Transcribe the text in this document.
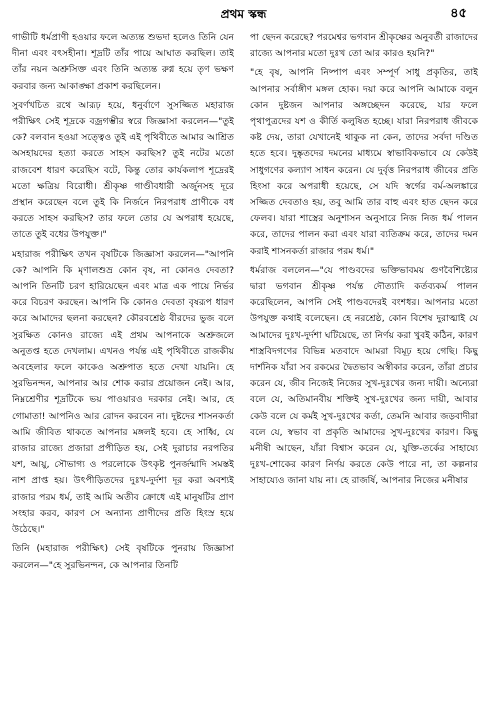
প্রথম স্কন্ধ	৪৫

গাভীটি ধর্মপ্রাণী হওয়ার ফলে অত্যন্ত শুভদা হলেও তিনি যেন দীনা এবং বৎসহীনা। শূদ্রটি তাঁর পায়ে আঘাত করছিল। তাই তাঁর নয়ন অশ্রুসিক্ত এবং তিনি অত্যন্ত রুগ্ন হয়ে তৃণ ভক্ষণ করবার জন্য আকাঙ্ক্ষা প্রকাশ করছিলেন।

সুবর্ণখচিত রথে আরূঢ় হয়ে, ধনুর্বাণে সুসজ্জিত মহারাজ পরীক্ষিৎ সেই শূদ্রকে বজ্রগম্ভীর স্বরে জিজ্ঞাসা করলেন—"তুই কে? বলবান হওয়া সত্ত্বেও তুই এই পৃথিবীতে আমার আশ্রিত অসহায়দের হত্যা করতে সাহস করছিস? তুই নটের মতো রাজবেশ ধারণ করেছিস বটে, কিন্তু তোর কার্যকলাপ শূদ্রেরই মতো ক্ষত্রিয় বিরোধী। শ্রীকৃষ্ণ গাণ্ডীবধারী অর্জুনসহ দূরে প্রস্থান করেছেন বলে তুই কি নির্জনে নিরপরাধ প্রাণীকে বধ করতে সাহস করছিস? তার ফলে তোর যে অপরাধ হয়েছে, তাতে তুই বধের উপযুক্ত।"

মহারাজ পরীক্ষিৎ তখন বৃষটিকে জিজ্ঞাসা করলেন—"আপনি কে? আপনি কি মৃণালশুভ্র কোন বৃষ, না কোনও দেবতা? আপনি তিনটি চরণ হারিয়েছেন এবং মাত্র এক পায়ে নির্ভর করে বিচরণ করছেন। আপনি কি কোনও দেবতা বৃষরূপ ধারণ করে আমাদের ছলনা করছেন? কৌরবশ্রেষ্ঠ বীরদের ভুজ বলে সুরক্ষিত কোনও রাজ্যে এই প্রথম আপনাকে অশ্রুজলে অনুতপ্ত হতে দেখলাম। এখনও পর্যন্ত এই পৃথিবীতে রাজকীয় অবহেলার ফলে কাকেও অশ্রুপাত হতে দেখা যায়নি। হে সুরভিনন্দন, আপনার আর শোক করার প্রয়োজন নেই। আর, নিম্নশ্রেণীর শূদ্রটিকে ভয় পাওয়ারও দরকার নেই। আর, হে গোমাতা! আপনিও আর রোদন করবেন না। দুষ্টদের শাসনকর্তা আমি জীবিত থাকতে আপনার মঙ্গলই হবে। হে সাধ্বি, যে রাজার রাজ্যে প্রজারা প্রপীড়িত হয়, সেই দুরাচার নরপতির যশ, আয়ু, সৌভাগ্য ও পরলোকে উৎকৃষ্ট পুনর্জন্মাদি সমস্তই নাশ প্রাপ্ত হয়। উৎপীড়িতদের দুঃখ-দুর্দশা দূর করা অবশ্যই রাজার পরম ধর্ম, তাই আমি অতীব ক্রোধে এই মানুষটির প্রাণ সংহার করব, কারণ সে অন্যান্য প্রাণীদের প্রতি হিংস্র হয়ে উঠেছে।"

তিনি (মহারাজ পরীক্ষিৎ) সেই বৃষটিকে পুনরায় জিজ্ঞাসা করলেন—"হে সুরভিনন্দন, কে আপনার তিনটি

পা ছেদন করেছে? পরমেশ্বর ভগবান শ্রীকৃষ্ণের অনুবর্তী রাজাদের রাজ্যে আপনার মতো দুঃখ তো আর কারও হয়নি?"

"হে বৃষ, আপনি নিষ্পাপ এবং সম্পূর্ণ সাধু প্রকৃতির, তাই আপনার সর্বাঙ্গীণ মঙ্গল হোক। দয়া করে আপনি আমাকে বলুন কোন দুষ্টজন আপনার অঙ্গচ্ছেদন করেছে, যার ফলে পৃথাপুত্রদের যশ ও কীর্তি কলুষিত হচ্ছে। যারা নিরপরাধ জীবকে কষ্ট দেয়, তারা যেখানেই থাকুক না কেন, তাদের সর্বদা দণ্ডিত হতে হবে। দুষ্কৃতদের দমনের মাধ্যমে স্বাভাবিকভাবে যে কেউই সাধুগণের কল্যাণ সাধন করেন। যে দুর্বৃত্ত নিরপরাধ জীবের প্রতি হিংসা করে অপরাধী হয়েছে, সে যদি স্বর্গের বর্ম-অলঙ্কারে সজ্জিত দেবতাও হয়, তবু আমি তার বাহু এবং হাত ছেদন করে ফেলব। যারা শাস্ত্রের অনুশাসন অনুসারে নিজ নিজ ধর্ম পালন করে, তাদের পালন করা এবং যারা ব্যতিক্রম করে, তাদের দমন করাই শাসনকর্তা রাজার পরম ধর্ম।"

ধর্মরাজ বললেন—"যে পাণ্ডবদের ভক্তিভাবময় গুণবৈশিষ্ট্যের দ্বারা ভগবান শ্রীকৃষ্ণ পর্যন্ত দৌত্যাদি কর্তব্যকর্ম পালন করেছিলেন, আপনি সেই পাণ্ডবদেরই বংশধর। আপনার মতো উপযুক্ত কথাই বলেছেন। হে নরশ্রেষ্ঠ, কোন বিশেষ দুরাত্মাই যে আমাদের দুঃখ-দুর্দশা ঘটিয়েছে, তা নির্ণয় করা খুবই কঠিন, কারণ শাস্ত্রবিদগণের বিভিন্ন মতবাদে আমরা বিমূঢ় হয়ে গেছি। কিছু দার্শনিক যাঁরা সব রকমের দ্বৈতভাব অস্বীকার করেন, তাঁরা প্রচার করেন যে, জীব নিজেই নিজের সুখ-দুঃখের জন্য দায়ী। অন্যেরা বলে যে, অতিমানবীয় শক্তিই সুখ-দুঃখের জন্য দায়ী, আবার কেউ বলে যে কর্মই সুখ-দুঃখের কর্তা, তেমনি আবার জড়বাদীরা বলে যে, স্বভাব বা প্রকৃতি আমাদের সুখ-দুঃখের কারণ। কিছু মনীষী আছেন, যাঁরা বিশ্বাস করেন যে, যুক্তি-তর্কের সাহায্যে দুঃখ-শোকের কারণ নির্ণয় করতে কেউ পারে না, তা কল্পনার সাহায্যেও জানা যায় না। হে রাজর্ষি, আপনার নিজের মনীষার
